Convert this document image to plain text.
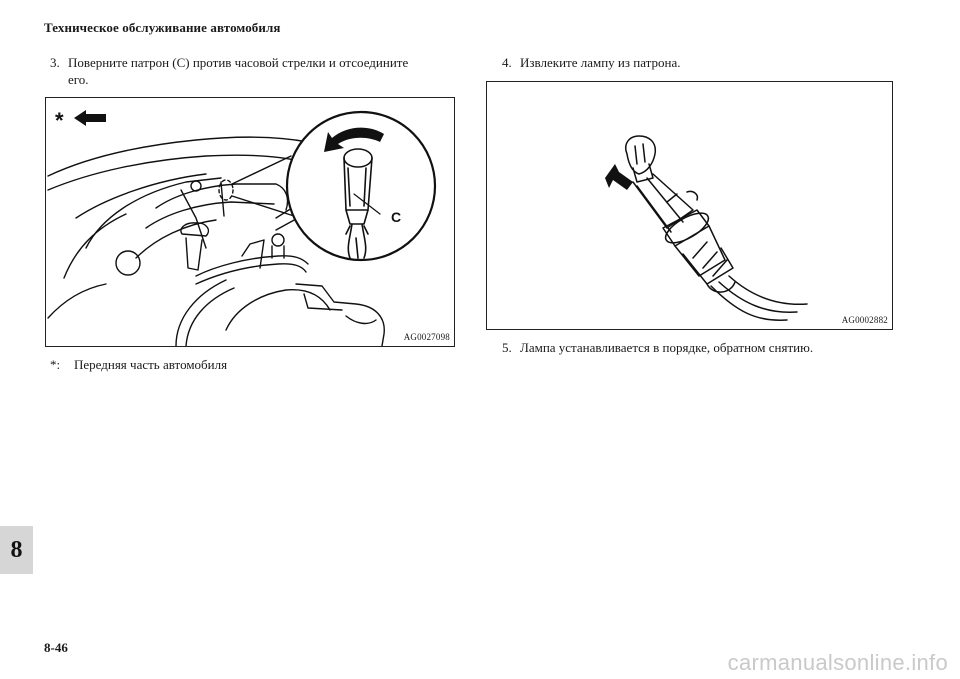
Техническое обслуживание автомобиля
3. Поверните патрон (C) против часовой стрелки и отсоедините
его.
C
*
AG0027098
*: Передняя часть автомобиля
4. Извлеките лампу из патрона.
AG0002882
5. Лампа устанавливается в порядке, обратном снятию.
8
8-46
carmanualsonline.info
